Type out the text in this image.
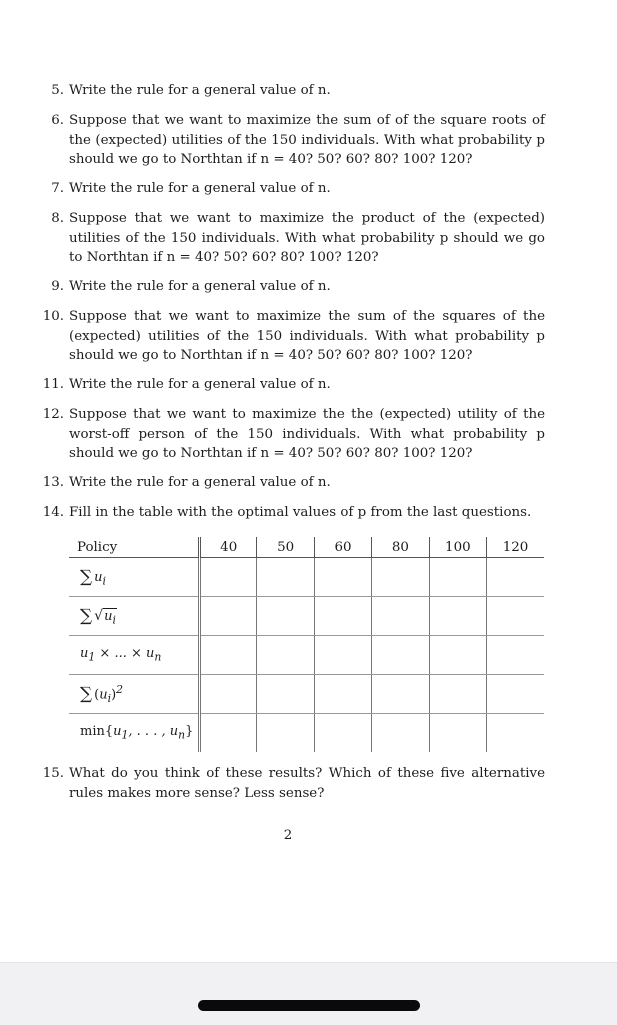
5. Write the rule for a general value of n.
6. Suppose that we want to maximize the sum of of the square roots of the (expected) utilities of the 150 individuals. With what probability p should we go to Northtan if n = 40? 50? 60? 80? 100? 120?
7. Write the rule for a general value of n.
8. Suppose that we want to maximize the product of the (expected) utilities of the 150 individuals. With what probability p should we go to Northtan if n = 40? 50? 60? 80? 100? 120?
9. Write the rule for a general value of n.
10. Suppose that we want to maximize the sum of the squares of the (expected) utilities of the 150 individuals. With what probability p should we go to Northtan if n = 40? 50? 60? 80? 100? 120?
11. Write the rule for a general value of n.
12. Suppose that we want to maximize the the (expected) utility of the worst-off person of the 150 individuals. With what probability p should we go to Northtan if n = 40? 50? 60? 80? 100? 120?
13. Write the rule for a general value of n.
14. Fill in the table with the optimal values of p from the last questions.
Policy	40	50	60	80	100	120
∑ $u_i$						
∑ $√u_i$						
$u_1$ × ... × $u_n$						
∑ $(u_i)^2$						
$\min\{u_1$, . . . , $u_n$}						
15. What do you think of these results? Which of these five alternative rules makes more sense? Less sense?
2
